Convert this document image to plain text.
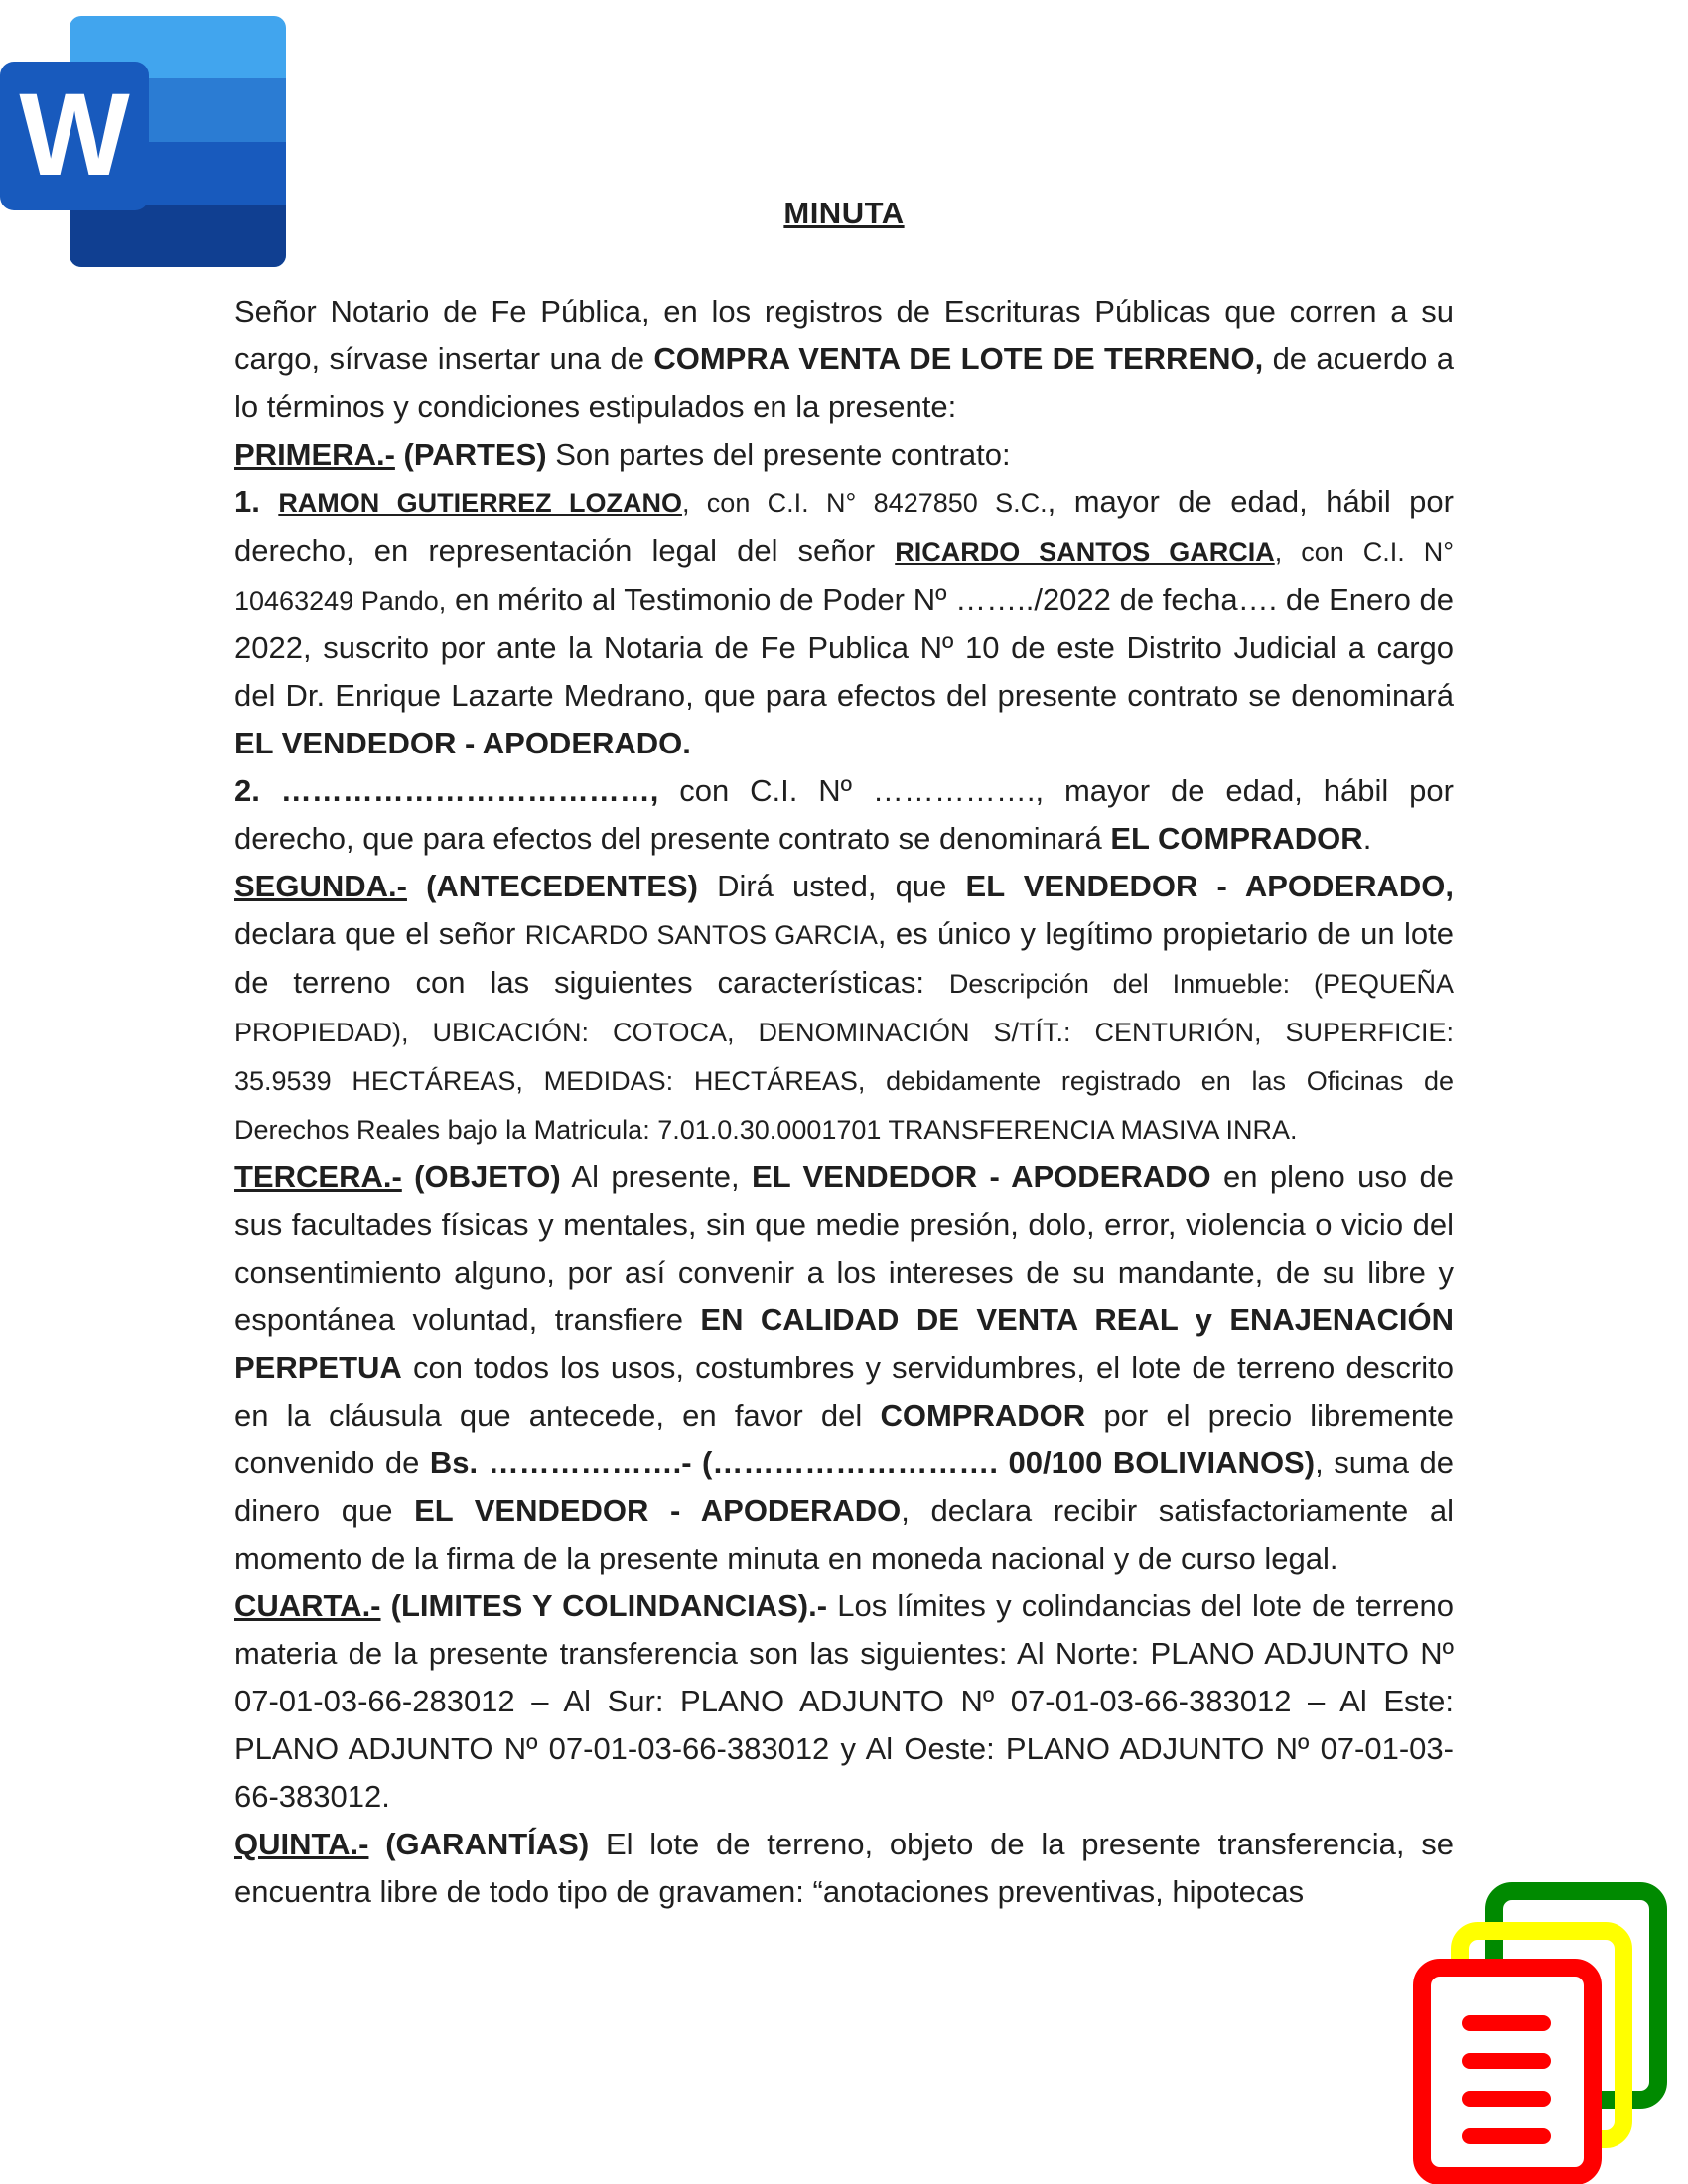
W
MINUTA

Señor Notario de Fe Pública, en los registros de Escrituras Públicas que corren a su cargo, sírvase insertar una de COMPRA VENTA DE LOTE DE TERRENO, de acuerdo a lo términos y condiciones estipulados en la presente:

PRIMERA.- (PARTES) Son partes del presente contrato:

1. RAMON GUTIERREZ LOZANO, con C.I. N° 8427850 S.C., mayor de edad, hábil por derecho, en representación legal del señor RICARDO SANTOS GARCIA, con C.I. N° 10463249 Pando, en mérito al Testimonio de Poder Nº ……../2022 de fecha…. de Enero de 2022, suscrito por ante la Notaria de Fe Publica Nº 10 de este Distrito Judicial a cargo del Dr. Enrique Lazarte Medrano, que para efectos del presente contrato se denominará EL VENDEDOR - APODERADO.

2. ………………………………, con C.I. Nº ……………., mayor de edad, hábil por derecho, que para efectos del presente contrato se denominará EL COMPRADOR.

SEGUNDA.- (ANTECEDENTES) Dirá usted, que EL VENDEDOR - APODERADO, declara que el señor RICARDO SANTOS GARCIA, es único y legítimo propietario de un lote de terreno con las siguientes características: Descripción del Inmueble: (PEQUEÑA PROPIEDAD), UBICACIÓN: COTOCA, DENOMINACIÓN S/TÍT.: CENTURIÓN, SUPERFICIE: 35.9539 HECTÁREAS, MEDIDAS: HECTÁREAS, debidamente registrado en las Oficinas de Derechos Reales bajo la Matricula: 7.01.0.30.0001701 TRANSFERENCIA MASIVA INRA.

TERCERA.- (OBJETO) Al presente, EL VENDEDOR - APODERADO en pleno uso de sus facultades físicas y mentales, sin que medie presión, dolo, error, violencia o vicio del consentimiento alguno, por así convenir a los intereses de su mandante, de su libre y espontánea voluntad, transfiere EN CALIDAD DE VENTA REAL y ENAJENACIÓN PERPETUA con todos los usos, costumbres y servidumbres, el lote de terreno descrito en la cláusula que antecede, en favor del COMPRADOR por el precio libremente convenido de Bs. ……………….- (………………………. 00/100 BOLIVIANOS), suma de dinero que EL VENDEDOR - APODERADO, declara recibir satisfactoriamente al momento de la firma de la presente minuta en moneda nacional y de curso legal.

CUARTA.- (LIMITES Y COLINDANCIAS).- Los límites y colindancias del lote de terreno materia de la presente transferencia son las siguientes: Al Norte: PLANO ADJUNTO Nº 07-01-03-66-283012 – Al Sur: PLANO ADJUNTO Nº 07-01-03-66-383012 – Al Este: PLANO ADJUNTO Nº 07-01-03-66-383012 y Al Oeste: PLANO ADJUNTO Nº 07-01-03-66-383012.

QUINTA.- (GARANTÍAS) El lote de terreno, objeto de la presente transferencia, se encuentra libre de todo tipo de gravamen: “anotaciones preventivas, hipotecas
